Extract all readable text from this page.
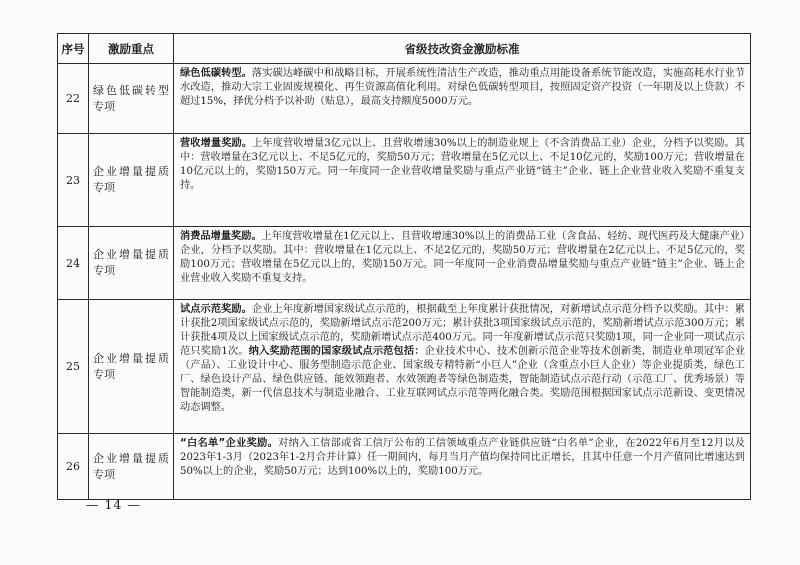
序号	激励重点	省级技改资金激励标准
22	绿色低碳转型专项	绿色低碳转型。落实碳达峰碳中和战略目标，开展系统性清洁生产改造，推动重点用能设备系统节能改造，实施高耗水行业节水改造，推动大宗工业固废规模化、再生资源高值化利用。对绿色低碳转型项目，按照固定资产投资（一年期及以上贷款）不超过15%，择优分档予以补助（贴息），最高支持额度5000万元。
23	企业增量提质专项	营收增量奖励。上年度营收增量3亿元以上、且营收增速30%以上的制造业规上（不含消费品工业）企业，分档予以奖励。其中：营收增量在3亿元以上、不足5亿元的，奖励50万元；营收增量在5亿元以上、不足10亿元的，奖励100万元；营收增量在10亿元以上的，奖励150万元。同一年度同一企业营收增量奖励与重点产业链“链主”企业、链上企业营业收入奖励不重复支持。
24	企业增量提质专项	消费品增量奖励。上年度营收增量在1亿元以上、且营收增速30%以上的消费品工业（含食品、轻纺、现代医药及大健康产业）企业，分档予以奖励。其中：营收增量在1亿元以上、不足2亿元的，奖励50万元；营收增量在2亿元以上、不足5亿元的，奖励100万元；营收增量在5亿元以上的，奖励150万元。同一年度同一企业消费品增量奖励与重点产业链“链主”企业、链上企业营业收入奖励不重复支持。
25	企业增量提质专项	试点示范奖励。企业上年度新增国家级试点示范的，根据截至上年度累计获批情况，对新增试点示范分档予以奖励。其中：累计获批2项国家级试点示范的，奖励新增试点示范200万元；累计获批3项国家级试点示范的，奖励新增试点示范300万元；累计获批4项及以上国家级试点示范的，奖励新增试点示范400万元。同一年度新增试点示范只奖励1项，同一企业同一项试点示范只奖励1次。纳入奖励范围的国家级试点示范包括：企业技术中心、技术创新示范企业等技术创新类，制造业单项冠军企业（产品）、工业设计中心、服务型制造示范企业、国家级专精特新“小巨人”企业（含重点小巨人企业）等企业提质类，绿色工厂、绿色设计产品、绿色供应链、能效领跑者、水效领跑者等绿色制造类，智能制造试点示范行动（示范工厂、优秀场景）等智能制造类，新一代信息技术与制造业融合、工业互联网试点示范等两化融合类。奖励范围根据国家试点示范新设、变更情况动态调整。
26	企业增量提质专项	“白名单”企业奖励。对纳入工信部或省工信厅公布的工信领域重点产业链供应链“白名单”企业，在2022年6月至12月以及2023年1-3月（2023年1-2月合并计算）任一期间内，每月当月产值均保持同比正增长，且其中任意一个月产值同比增速达到50%以上的企业，奖励50万元；达到100%以上的，奖励100万元。
— 14 —
